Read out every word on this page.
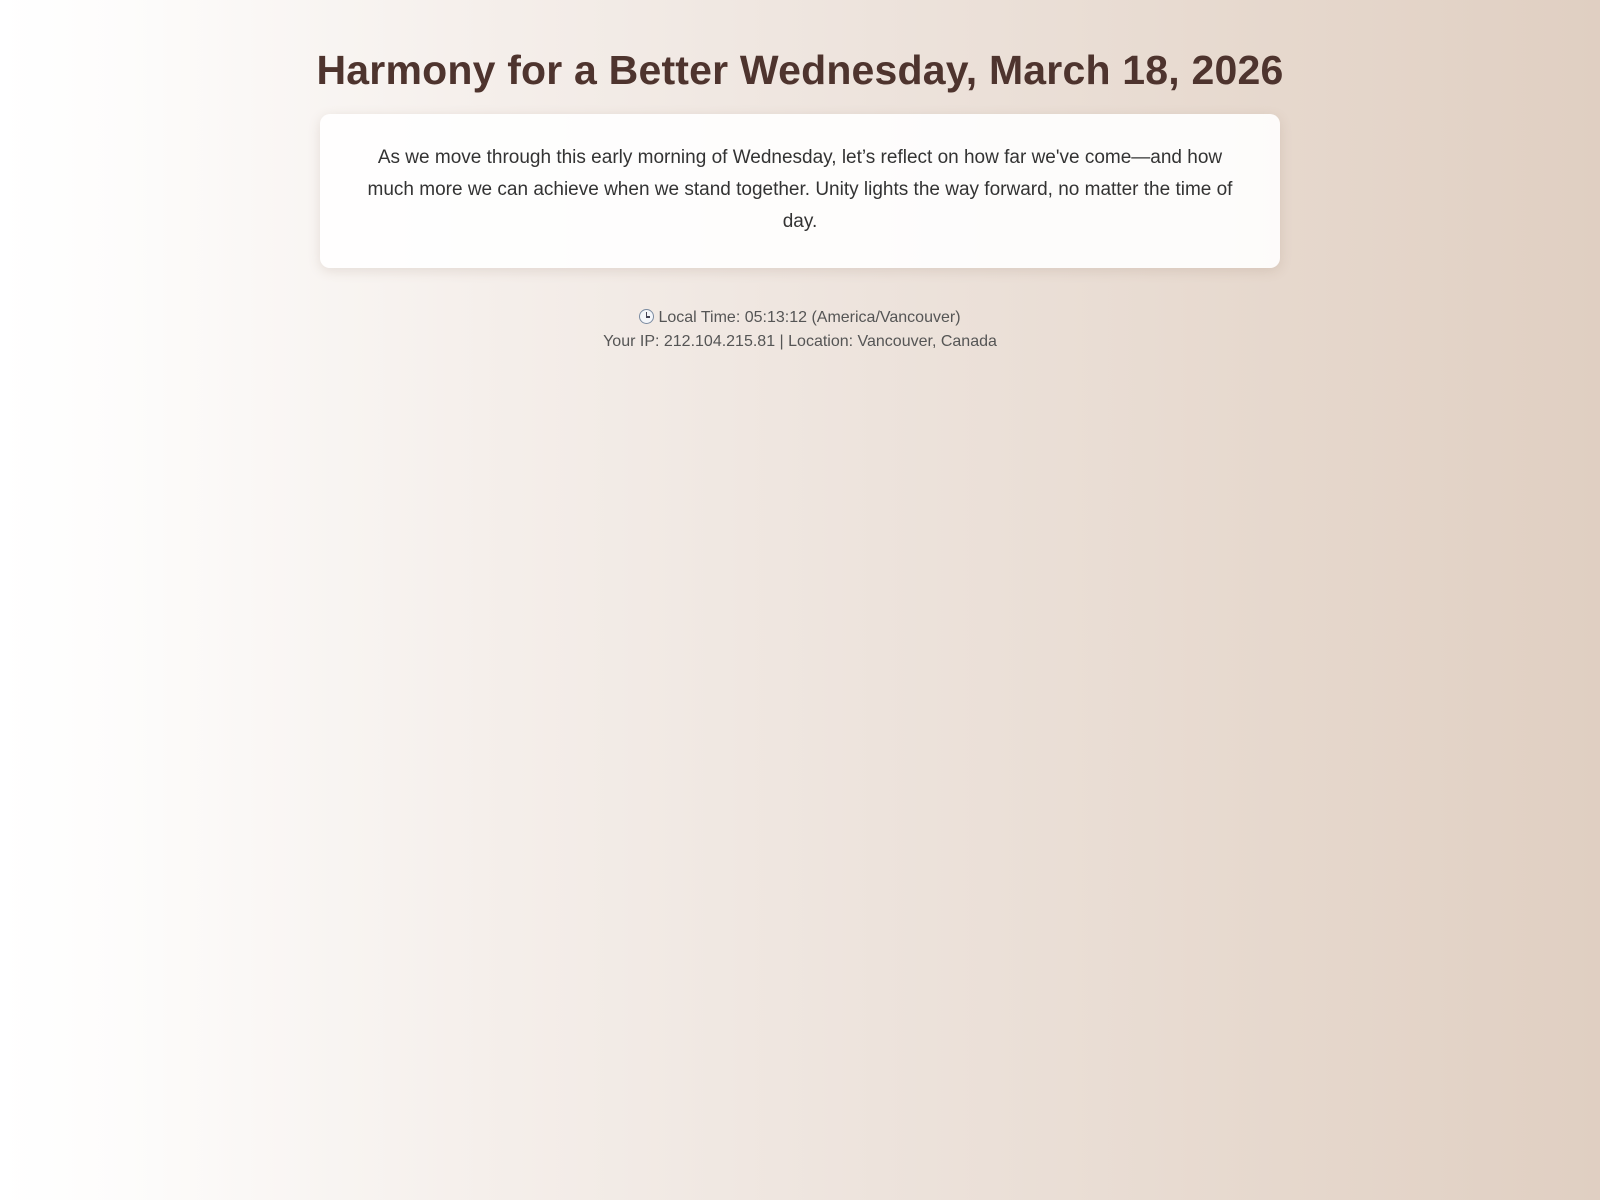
Harmony for a Better Wednesday, March 18, 2026
As we move through this early morning of Wednesday, let’s reflect on how far we've come—and how much more we can achieve when we stand together. Unity lights the way forward, no matter the time of day.
Local Time: 05:13:12 (America/Vancouver)
Your IP: 212.104.215.81 | Location: Vancouver, Canada
